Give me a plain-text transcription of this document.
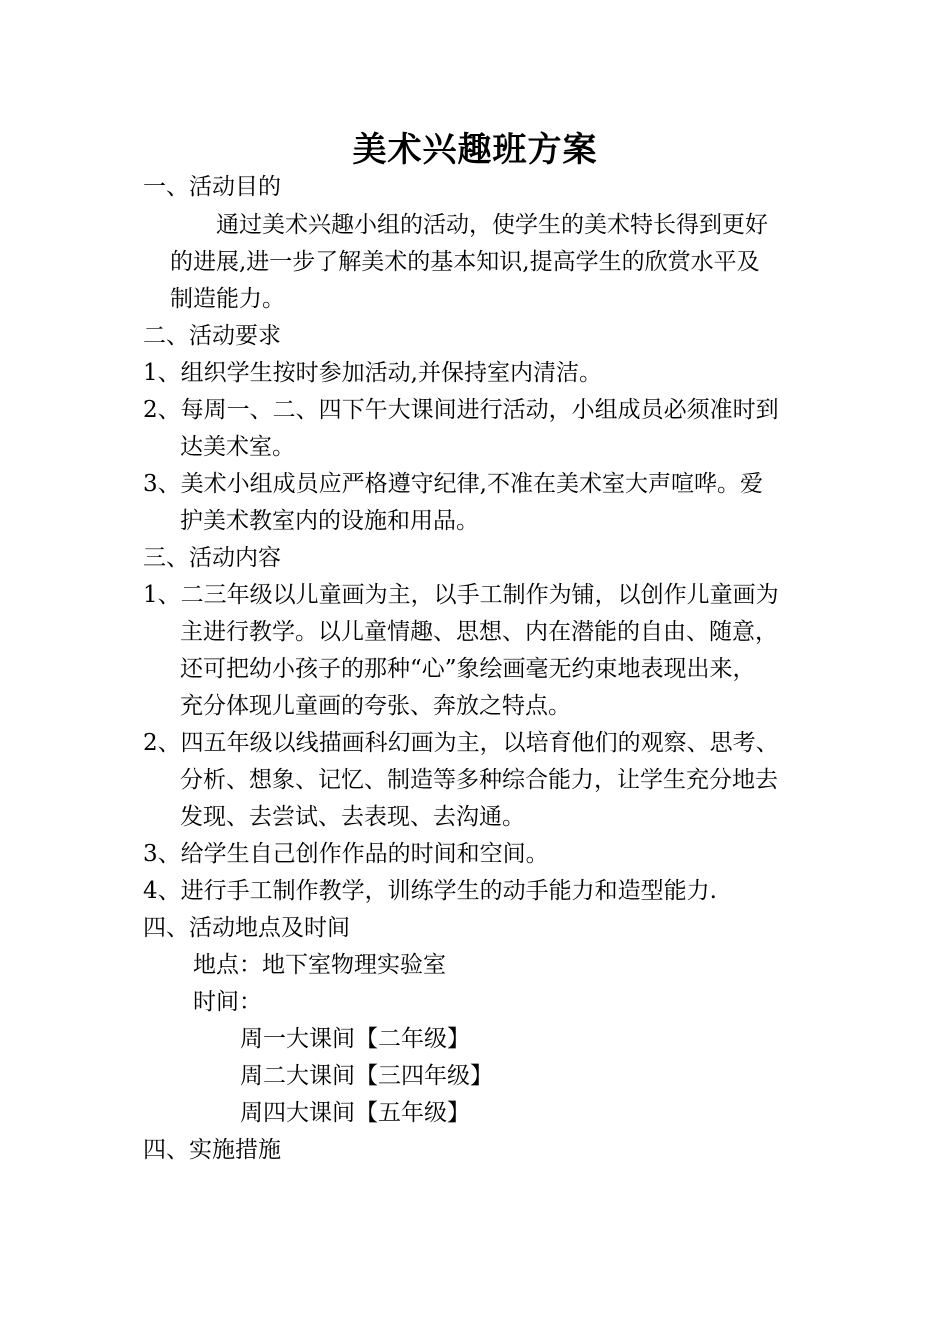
美术兴趣班方案
一、活动目的
通过美术兴趣小组的活动，使学生的美术特长得到更好
的进展,进一步了解美术的基本知识,提高学生的欣赏水平及
制造能力。
二、活动要求
1、组织学生按时参加活动,并保持室内清洁。
2、每周一、二、四下午大课间进行活动，小组成员必须准时到
达美术室。
3、美术小组成员应严格遵守纪律,不准在美术室大声喧哗。爱
护美术教室内的设施和用品。
三、活动内容
1、二三年级以儿童画为主，以手工制作为铺，以创作儿童画为
主进行教学。以儿童情趣、思想、内在潜能的自由、随意，
还可把幼小孩子的那种“心”象绘画毫无约束地表现出来，
充分体现儿童画的夸张、奔放之特点。
2、四五年级以线描画科幻画为主，以培育他们的观察、思考、
分析、想象、记忆、制造等多种综合能力，让学生充分地去
发现、去尝试、去表现、去沟通。
3、给学生自己创作作品的时间和空间。
4、进行手工制作教学，训练学生的动手能力和造型能力.
四、活动地点及时间
地点：地下室物理实验室
时间：
周一大课间【二年级】
周二大课间【三四年级】
周四大课间【五年级】
四、实施措施
